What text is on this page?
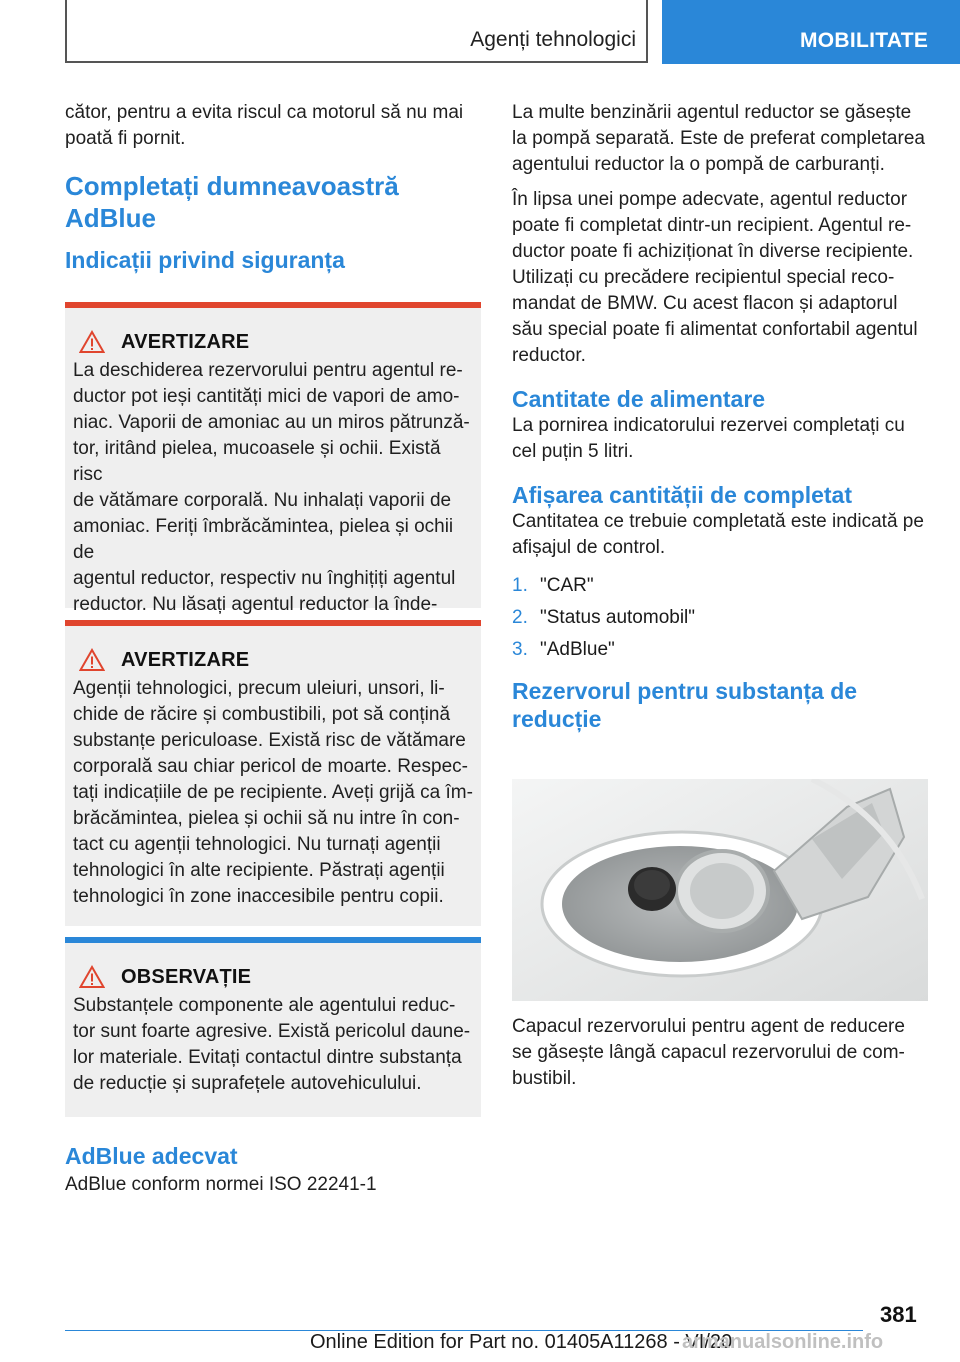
Agenți tehnologici	MOBILITATE

cător, pentru a evita riscul ca motorul să nu mai poată fi pornit.

Completați dumneavoastră AdBlue
Indicații privind siguranța
AVERTIZARE

La deschiderea rezervorului pentru agentul re-

ductor pot ieși cantități mici de vapori de amo-

niac. Vaporii de amoniac au un miros pătrunză-

tor, iritând pielea, mucoasele și ochii. Există risc

de vătămare corporală. Nu inhalați vaporii de

amoniac. Feriți îmbrăcămintea, pielea și ochii de

agentul reductor, respectiv nu înghițiți agentul

reductor. Nu lăsați agentul reductor la înde-

AVERTIZARE

Agenții tehnologici, precum uleiuri, unsori, li-

chide de răcire și combustibili, pot să conțină

substanțe periculoase. Există risc de vătămare

corporală sau chiar pericol de moarte. Respec-

tați indicațiile de pe recipiente. Aveți grijă ca îm-

brăcămintea, pielea și ochii să nu intre în con-

tact cu agenții tehnologici. Nu turnați agenții

tehnologici în alte recipiente. Păstrați agenții

tehnologici în zone inaccesibile pentru copii.

OBSERVAȚIE

Substanțele componente ale agentului reduc-

tor sunt foarte agresive. Există pericolul daune-

lor materiale. Evitați contactul dintre substanța

de reducție și suprafețele autovehiculului.

AdBlue adecvat

AdBlue conform normei ISO 22241-1

La multe benzinării agentul reductor se găsește

la pompă separată. Este de preferat completarea

agentului reductor la o pompă de carburanți.

În lipsa unei pompe adecvate, agentul reductor

poate fi completat dintr-un recipient. Agentul re-

ductor poate fi achiziționat în diverse recipiente.

Utilizați cu precădere recipientul special reco-

mandat de BMW. Cu acest flacon și adaptorul

său special poate fi alimentat confortabil agentul

reductor.

Cantitate de alimentare

La pornirea indicatorului rezervei completați cu

cel puțin 5 litri.

Afișarea cantității de completat

Cantitatea ce trebuie completată este indicată pe

afișajul de control.

1. "CAR"
2. "Status automobil"
3. "AdBlue"
Rezervorul pentru substanța de reducție

Capacul rezervorului pentru agent de reducere

se găsește lângă capacul rezervorului de com-

bustibil.

381
Online Edition for Part no. 01405A11268 - VI/20
armanualsonline.info
